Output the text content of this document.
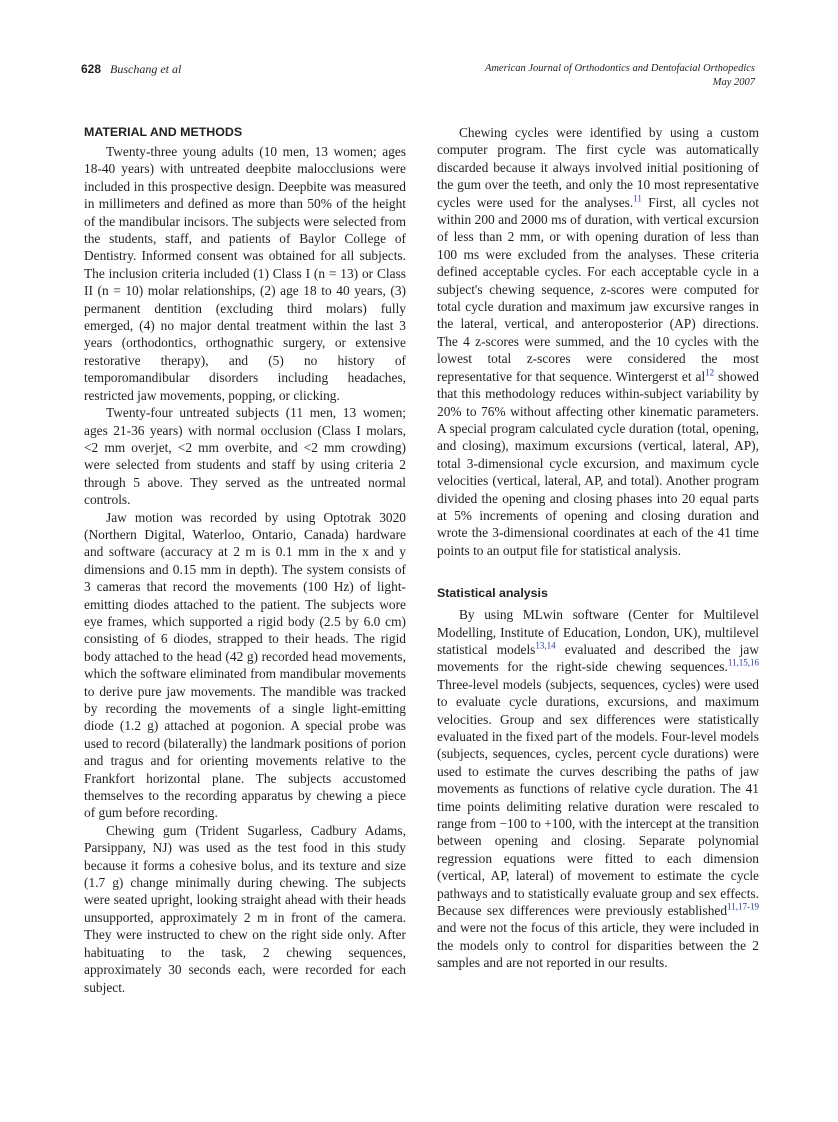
628 Buschang et al	American Journal of Orthodontics and Dentofacial Orthopedics
May 2007
MATERIAL AND METHODS

Twenty-three young adults (10 men, 13 women; ages 18-40 years) with untreated deepbite malocclusions were included in this prospective design. Deepbite was measured in millimeters and defined as more than 50% of the height of the mandibular incisors. The subjects were selected from the students, staff, and patients of Baylor College of Dentistry. Informed consent was obtained for all subjects. The inclusion criteria included (1) Class I (n = 13) or Class II (n = 10) molar relationships, (2) age 18 to 40 years, (3) permanent dentition (excluding third molars) fully emerged, (4) no major dental treatment within the last 3 years (orthodontics, orthognathic surgery, or extensive restorative therapy), and (5) no history of temporomandibular disorders including headaches, restricted jaw movements, popping, or clicking.

Twenty-four untreated subjects (11 men, 13 women; ages 21-36 years) with normal occlusion (Class I molars, <2 mm overjet, <2 mm overbite, and <2 mm crowding) were selected from students and staff by using criteria 2 through 5 above. They served as the untreated normal controls.

Jaw motion was recorded by using Optotrak 3020 (Northern Digital, Waterloo, Ontario, Canada) hardware and software (accuracy at 2 m is 0.1 mm in the x and y dimensions and 0.15 mm in depth). The system consists of 3 cameras that record the movements (100 Hz) of light-emitting diodes attached to the patient. The subjects wore eye frames, which supported a rigid body (2.5 by 6.0 cm) consisting of 6 diodes, strapped to their heads. The rigid body attached to the head (42 g) recorded head movements, which the software eliminated from mandibular movements to derive pure jaw movements. The mandible was tracked by recording the movements of a single light-emitting diode (1.2 g) attached at pogonion. A special probe was used to record (bilaterally) the landmark positions of porion and tragus and for orienting movements relative to the Frankfort horizontal plane. The subjects accustomed themselves to the recording apparatus by chewing a piece of gum before recording.

Chewing gum (Trident Sugarless, Cadbury Adams, Parsippany, NJ) was used as the test food in this study because it forms a cohesive bolus, and its texture and size (1.7 g) change minimally during chewing. The subjects were seated upright, looking straight ahead with their heads unsupported, approximately 2 m in front of the camera. They were instructed to chew on the right side only. After habituating to the task, 2 chewing sequences, approximately 30 seconds each, were recorded for each subject.

Chewing cycles were identified by using a custom computer program. The first cycle was automatically discarded because it always involved initial positioning of the gum over the teeth, and only the 10 most representative cycles were used for the analyses.$^{11}$ First, all cycles not within 200 and 2000 ms of duration, with vertical excursion of less than 2 mm, or with opening duration of less than 100 ms were excluded from the analyses. These criteria defined acceptable cycles. For each acceptable cycle in a subject's chewing sequence, z-scores were computed for total cycle duration and maximum jaw excursive ranges in the lateral, vertical, and anteroposterior (AP) directions. The 4 z-scores were summed, and the 10 cycles with the lowest total z-scores were considered the most representative for that sequence. Wintergerst et al$^{12}$ showed that this methodology reduces within-subject variability by 20% to 76% without affecting other kinematic parameters. A special program calculated cycle duration (total, opening, and closing), maximum excursions (vertical, lateral, AP), total 3-dimensional cycle excursion, and maximum cycle velocities (vertical, lateral, AP, and total). Another program divided the opening and closing phases into 20 equal parts at 5% increments of opening and closing duration and wrote the 3-dimensional coordinates at each of the 41 time points to an output file for statistical analysis.

Statistical analysis

By using MLwin software (Center for Multilevel Modelling, Institute of Education, London, UK), multilevel statistical models$^{13,14}$ evaluated and described the jaw movements for the right-side chewing sequences.$^{11,15,16}$ Three-level models (subjects, sequences, cycles) were used to evaluate cycle durations, excursions, and maximum velocities. Group and sex differences were statistically evaluated in the fixed part of the models. Four-level models (subjects, sequences, cycles, percent cycle durations) were used to estimate the curves describing the paths of jaw movements as functions of relative cycle duration. The 41 time points delimiting relative duration were rescaled to range from −100 to +100, with the intercept at the transition between opening and closing. Separate polynomial regression equations were fitted to each dimension (vertical, AP, lateral) of movement to estimate the cycle pathways and to statistically evaluate group and sex effects. Because sex differences were previously established$^{11,17-19}$ and were not the focus of this article, they were included in the models only to control for disparities between the 2 samples and are not reported in our results.
